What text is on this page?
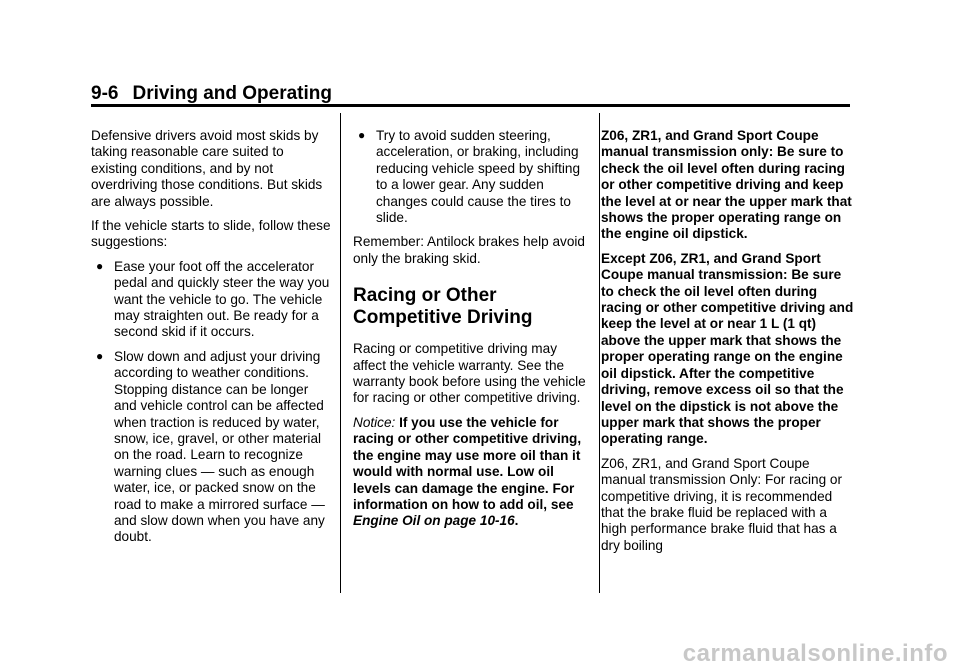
9-6 Driving and Operating

Defensive drivers avoid most skids by taking reasonable care suited to existing conditions, and by not overdriving those conditions. But skids are always possible.

If the vehicle starts to slide, follow these suggestions:

● Ease your foot off the accelerator pedal and quickly steer the way you want the vehicle to go. The vehicle may straighten out. Be ready for a second skid if it occurs.
● Slow down and adjust your driving according to weather conditions. Stopping distance can be longer and vehicle control can be affected when traction is reduced by water, snow, ice, gravel, or other material on the road. Learn to recognize warning clues — such as enough water, ice, or packed snow on the road to make a mirrored surface — and slow down when you have any doubt.
● Try to avoid sudden steering, acceleration, or braking, including reducing vehicle speed by shifting to a lower gear. Any sudden changes could cause the tires to slide.

Remember: Antilock brakes help avoid only the braking skid.

Racing or Other Competitive Driving

Racing or competitive driving may affect the vehicle warranty. See the warranty book before using the vehicle for racing or other competitive driving.

Notice: If you use the vehicle for racing or other competitive driving, the engine may use more oil than it would with normal use. Low oil levels can damage the engine. For information on how to add oil, see Engine Oil on page 10-16.

Z06, ZR1, and Grand Sport Coupe manual transmission only: Be sure to check the oil level often during racing or other competitive driving and keep the level at or near the upper mark that shows the proper operating range on the engine oil dipstick.

Except Z06, ZR1, and Grand Sport Coupe manual transmission: Be sure to check the oil level often during racing or other competitive driving and keep the level at or near 1 L (1 qt) above the upper mark that shows the proper operating range on the engine oil dipstick. After the competitive driving, remove excess oil so that the level on the dipstick is not above the upper mark that shows the proper operating range.

Z06, ZR1, and Grand Sport Coupe manual transmission Only: For racing or competitive driving, it is recommended that the brake fluid be replaced with a high performance brake fluid that has a dry boiling

carmanualsonline.info
